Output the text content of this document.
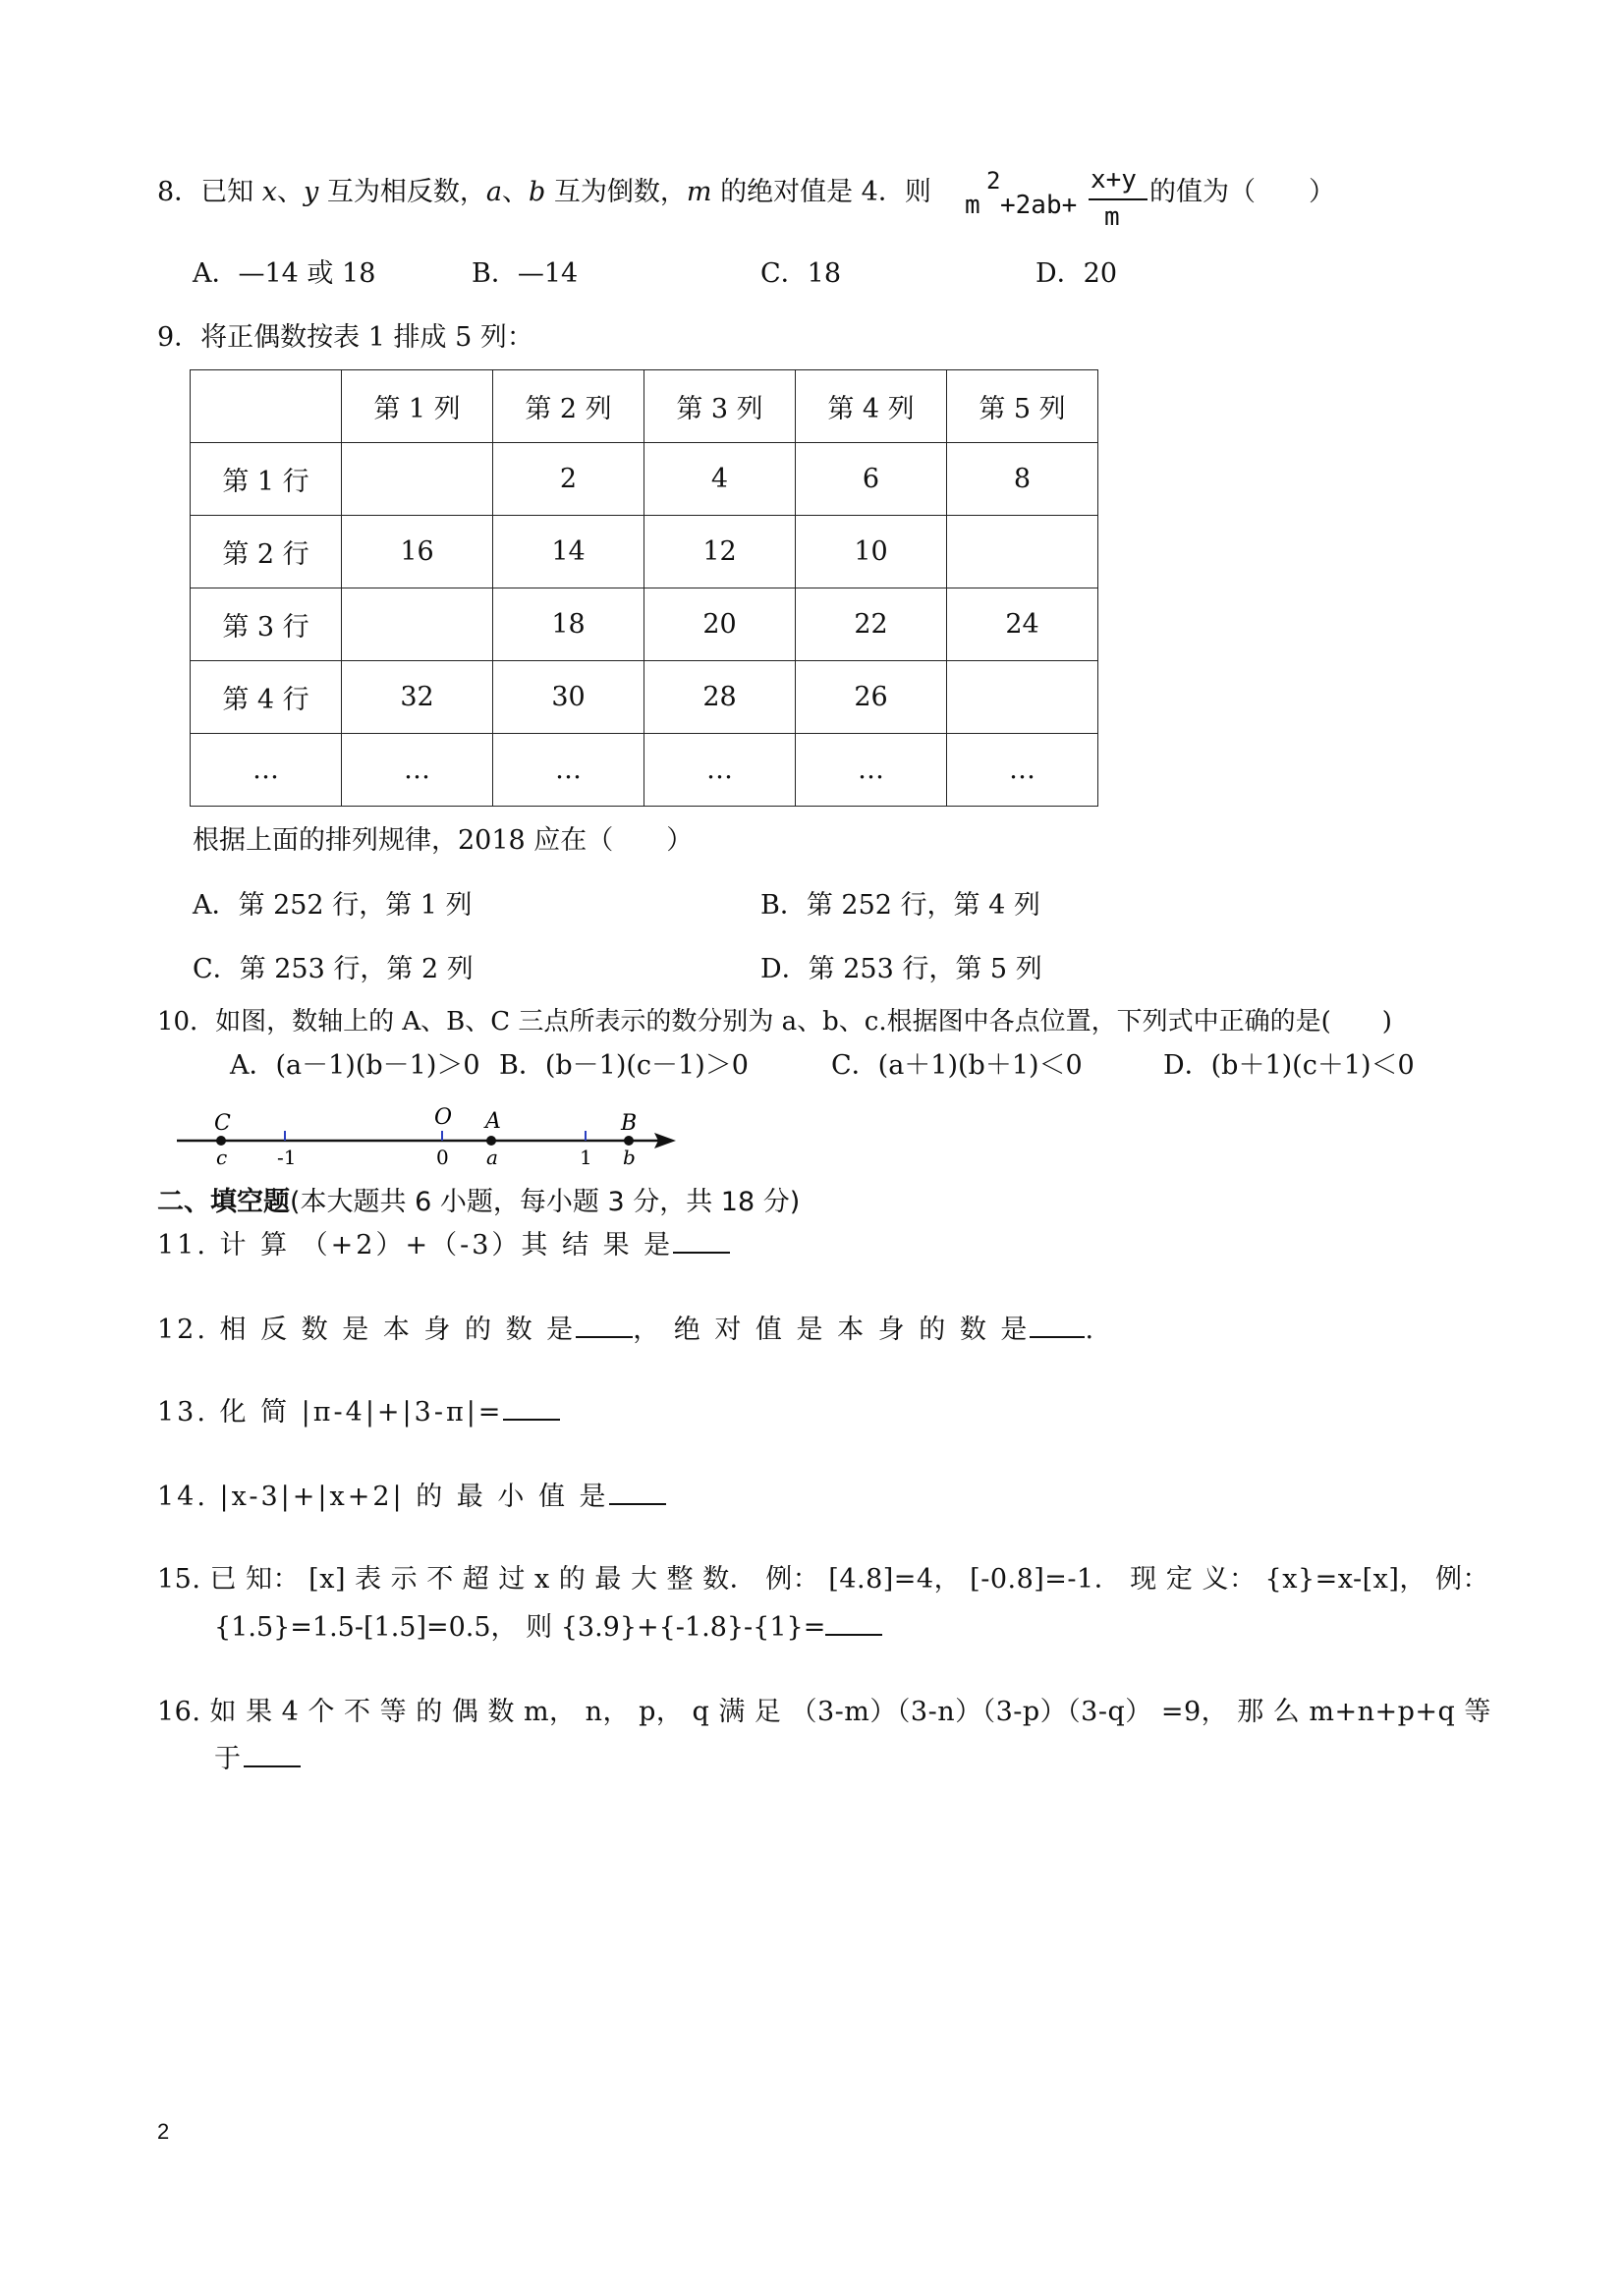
8．已知 x、y 互为相反数，a、b 互为倒数，m 的绝对值是 4．则 m
2
+2ab+
x+y
m
的值为（　　）
A．—14 或 18	B．—14	C．18	D．20
9．将正偶数按表 1 排成 5 列：
	第 1 列	第 2 列	第 3 列	第 4 列	第 5 列
第 1 行		2	4	6	8
第 2 行	16	14	12	10	
第 3 行		18	20	22	24
第 4 行	32	30	28	26	
…	…	…	…	…	…
根据上面的排列规律，2018 应在（　　）
A．第 252 行，第 1 列	B．第 252 行，第 4 列
C．第 253 行，第 2 列	D．第 253 行，第 5 列
10．如图，数轴上的 A、B、C 三点所表示的数分别为 a、b、c.根据图中各点位置，下列式中正确的是(　　)
A．(a－1)(b－1)＞0 B．(b－1)(c－1)＞0	C．(a＋1)(b＋1)＜0	D．(b＋1)(c＋1)＜0
C	O A	B
c	-1	0 a	1 b
二、填空题(本大题共 6 小题，每小题 3 分，共 18 分)
11. 计 算 （+2）+（-3）其 结 果 是
12. 相 反 数 是 本 身 的 数 是 ， 绝 对 值 是 本 身 的 数 是 .
13. 化 简 |π-4|+|3-π|=
14. |x-3|+|x+2| 的 最 小 值 是
15. 已 知： [x] 表 示 不 超 过 x 的 最 大 整 数． 例： [4.8]=4， [-0.8]=-1． 现 定 义： {x}=x-[x]， 例：
{1.5}=1.5-[1.5]=0.5， 则 {3.9}+{-1.8}-{1}=
16. 如 果 4 个 不 等 的 偶 数 m， n， p， q 满 足 （3-m）（3-n）（3-p）（3-q） =9， 那 么 m+n+p+q 等
于
2
